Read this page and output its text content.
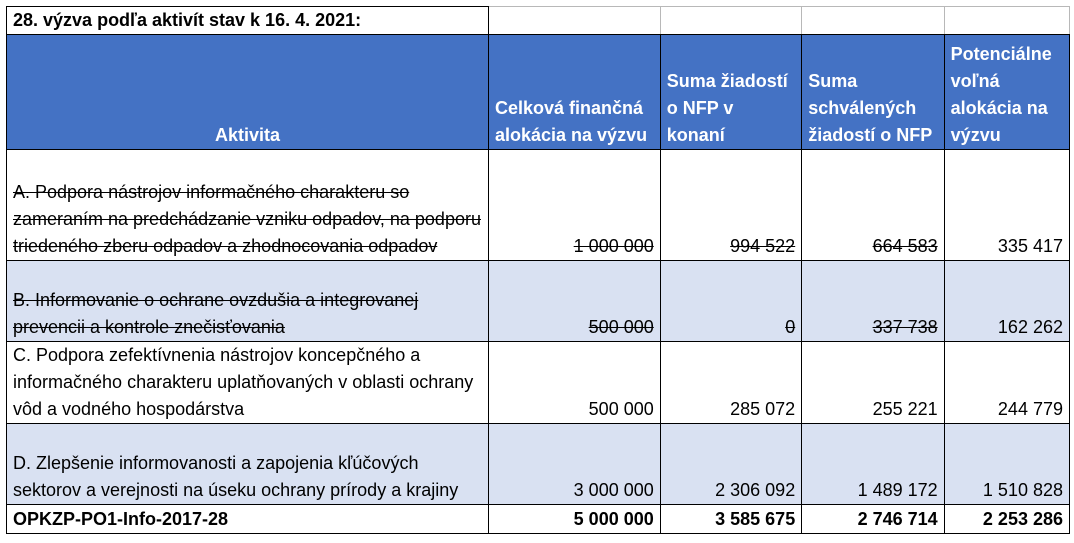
28. výzva podľa aktivít stav k 16. 4. 2021:				
Aktivita	Celková finančná alokácia na výzvu	Suma žiadostí o NFP v konaní	Suma schválených žiadostí o NFP	Potenciálne voľná alokácia na výzvu
A. Podpora nástrojov informačného charakteru so zameraním na predchádzanie vzniku odpadov, na podporu triedeného zberu odpadov a zhodnocovania odpadov	1 000 000	994 522	664 583	335 417
B. Informovanie o ochrane ovzdušia a integrovanej prevencii a kontrole znečisťovania	500 000	0	337 738	162 262
C. Podpora zefektívnenia nástrojov koncepčného a informačného charakteru uplatňovaných v oblasti ochrany vôd a vodného hospodárstva	500 000	285 072	255 221	244 779
D. Zlepšenie informovanosti a zapojenia kľúčových sektorov a verejnosti na úseku ochrany prírody a krajiny	3 000 000	2 306 092	1 489 172	1 510 828
OPKZP-PO1-Info-2017-28	5 000 000	3 585 675	2 746 714	2 253 286
